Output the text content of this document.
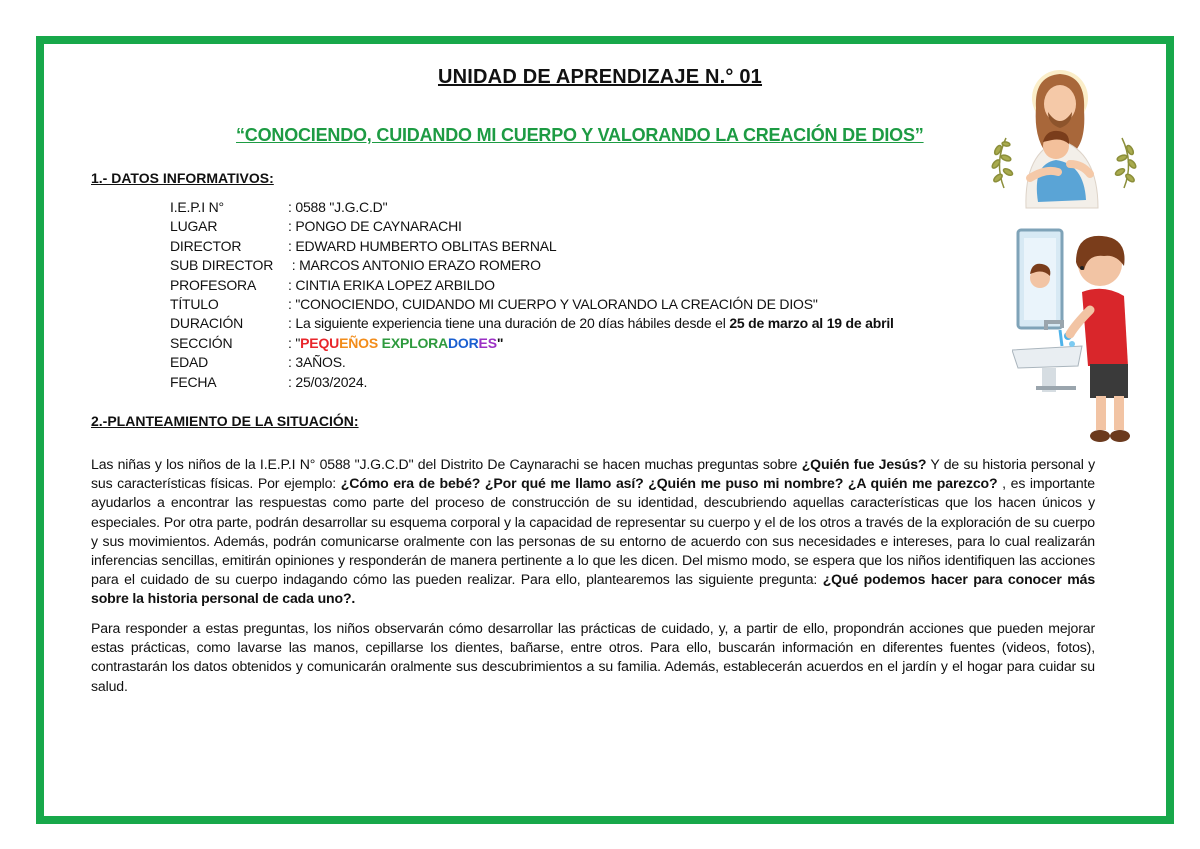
UNIDAD DE APRENDIZAJE N.° 01
“CONOCIENDO, CUIDANDO MI CUERPO Y VALORANDO LA CREACIÓN DE DIOS”
1.- DATOS INFORMATIVOS:
I.E.P.I N°	: 0588 "J.G.C.D"
LUGAR	: PONGO DE CAYNARACHI
DIRECTOR	: EDWARD HUMBERTO OBLITAS BERNAL
SUB DIRECTOR	: MARCOS ANTONIO ERAZO ROMERO
PROFESORA	: CINTIA ERIKA LOPEZ ARBILDO
TÍTULO	: "CONOCIENDO, CUIDANDO MI CUERPO Y VALORANDO LA CREACIÓN DE DIOS"
DURACIÓN	: La siguiente experiencia tiene una duración de 20 días hábiles desde el 25 de marzo al 19 de abril
SECCIÓN	: "PEQUEÑOS EXPLORADORES"
EDAD	: 3AÑOS.
FECHA	: 25/03/2024.
2.-PLANTEAMIENTO DE LA SITUACIÓN:
Las niñas y los niños de la I.E.P.I N° 0588 "J.G.C.D" del Distrito De Caynarachi se hacen muchas preguntas sobre ¿Quién fue Jesús? Y de su historia personal y sus características físicas. Por ejemplo: ¿Cómo era de bebé? ¿Por qué me llamo así? ¿Quién me puso mi nombre? ¿A quién me parezco? , es importante ayudarlos a encontrar las respuestas como parte del proceso de construcción de su identidad, descubriendo aquellas características que los hacen únicos y especiales. Por otra parte, podrán desarrollar su esquema corporal y la capacidad de representar su cuerpo y el de los otros a través de la exploración de su cuerpo y sus movimientos. Además, podrán comunicarse oralmente con las personas de su entorno de acuerdo con sus necesidades e intereses, para lo cual realizarán inferencias sencillas, emitirán opiniones y responderán de manera pertinente a lo que les dicen. Del mismo modo, se espera que los niños identifiquen las acciones para el cuidado de su cuerpo indagando cómo las pueden realizar. Para ello, plantearemos las siguiente pregunta: ¿Qué podemos hacer para conocer más sobre la historia personal de cada uno?.
Para responder a estas preguntas, los niños observarán cómo desarrollar las prácticas de cuidado, y, a partir de ello, propondrán acciones que pueden mejorar estas prácticas, como lavarse las manos, cepillarse los dientes, bañarse, entre otros. Para ello, buscarán información en diferentes fuentes (videos, fotos), contrastarán los datos obtenidos y comunicarán oralmente sus descubrimientos a su familia. Además, establecerán acuerdos en el jardín y el hogar para cuidar su salud.
